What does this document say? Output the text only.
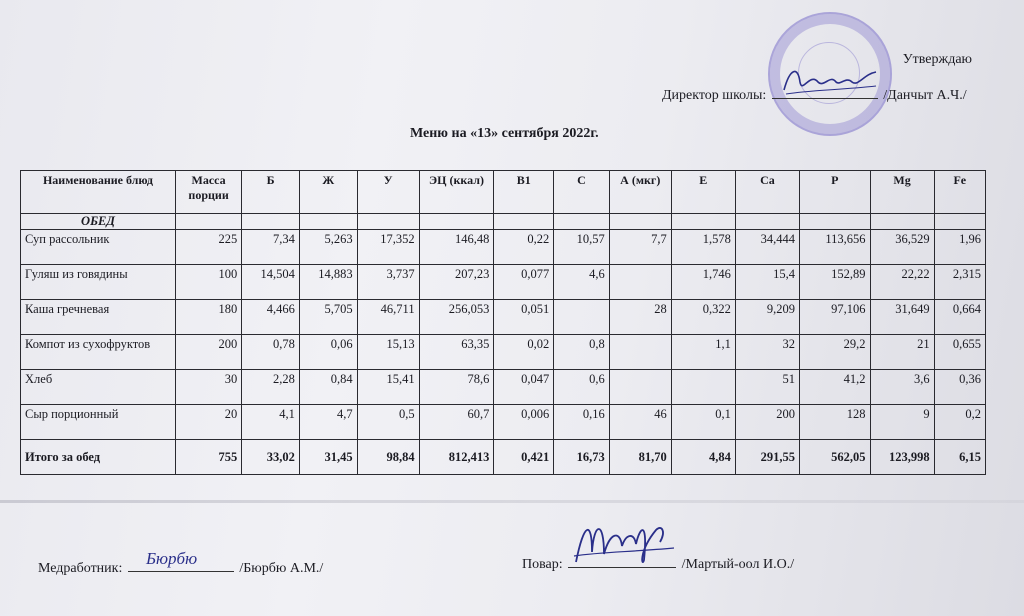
Утверждаю
Директор школы:	/Данчыт А.Ч./
Меню на «13» сентября 2022г.
Наименование блюд	Масса порции	Б	Ж	У	ЭЦ (ккал)	В1	С	А (мкг)	Е	Са	Р	Mg	Fe
ОБЕД													
Суп рассольник	225	7,34	5,263	17,352	146,48	0,22	10,57	7,7	1,578	34,444	113,656	36,529	1,96
Гуляш из говядины	100	14,504	14,883	3,737	207,23	0,077	4,6		1,746	15,4	152,89	22,22	2,315
Каша гречневая	180	4,466	5,705	46,711	256,053	0,051		28	0,322	9,209	97,106	31,649	0,664
Компот из сухофруктов	200	0,78	0,06	15,13	63,35	0,02	0,8		1,1	32	29,2	21	0,655
Хлеб	30	2,28	0,84	15,41	78,6	0,047	0,6			51	41,2	3,6	0,36
Сыр порционный	20	4,1	4,7	0,5	60,7	0,006	0,16	46	0,1	200	128	9	0,2
Итого за обед	755	33,02	31,45	98,84	812,413	0,421	16,73	81,70	4,84	291,55	562,05	123,998	6,15
Медработник:	/Бюрбю А.М./
Бюрбю	Повар:	/Мартый-оол И.О./
